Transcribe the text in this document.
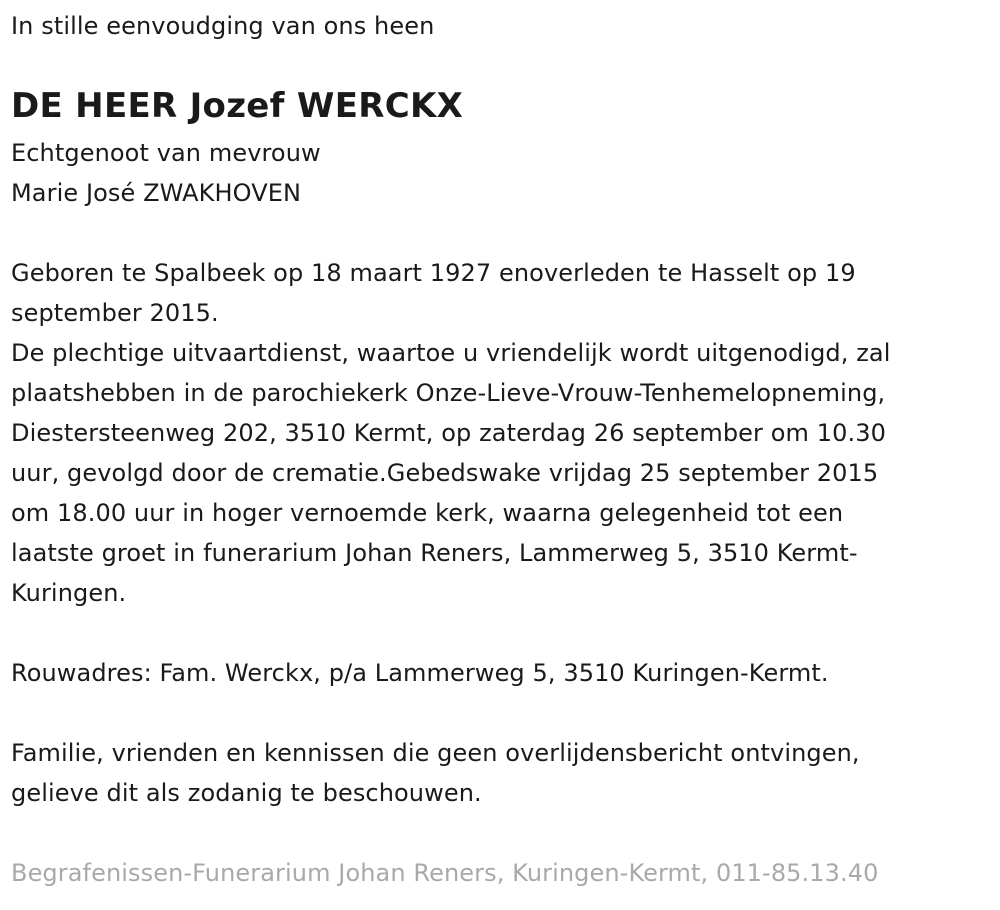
In stille eenvoudging van ons heen
DE HEER Jozef WERCKX
Echtgenoot van mevrouw
Marie José ZWAKHOVEN
Geboren te Spalbeek op 18 maart 1927 enoverleden te Hasselt op 19
september 2015.
De plechtige uitvaartdienst, waartoe u vriendelijk wordt uitgenodigd, zal
plaatshebben in de parochiekerk Onze-Lieve-Vrouw-Tenhemelopneming,
Diestersteenweg 202, 3510 Kermt, op zaterdag 26 september om 10.30
uur, gevolgd door de crematie.Gebedswake vrijdag 25 september 2015
om 18.00 uur in hoger vernoemde kerk, waarna gelegenheid tot een
laatste groet in funerarium Johan Reners, Lammerweg 5, 3510 Kermt-
Kuringen.
Rouwadres: Fam. Werckx, p/a Lammerweg 5, 3510 Kuringen-Kermt.
Familie, vrienden en kennissen die geen overlijdensbericht ontvingen,
gelieve dit als zodanig te beschouwen.
Begrafenissen-Funerarium Johan Reners, Kuringen-Kermt, 011-85.13.40
